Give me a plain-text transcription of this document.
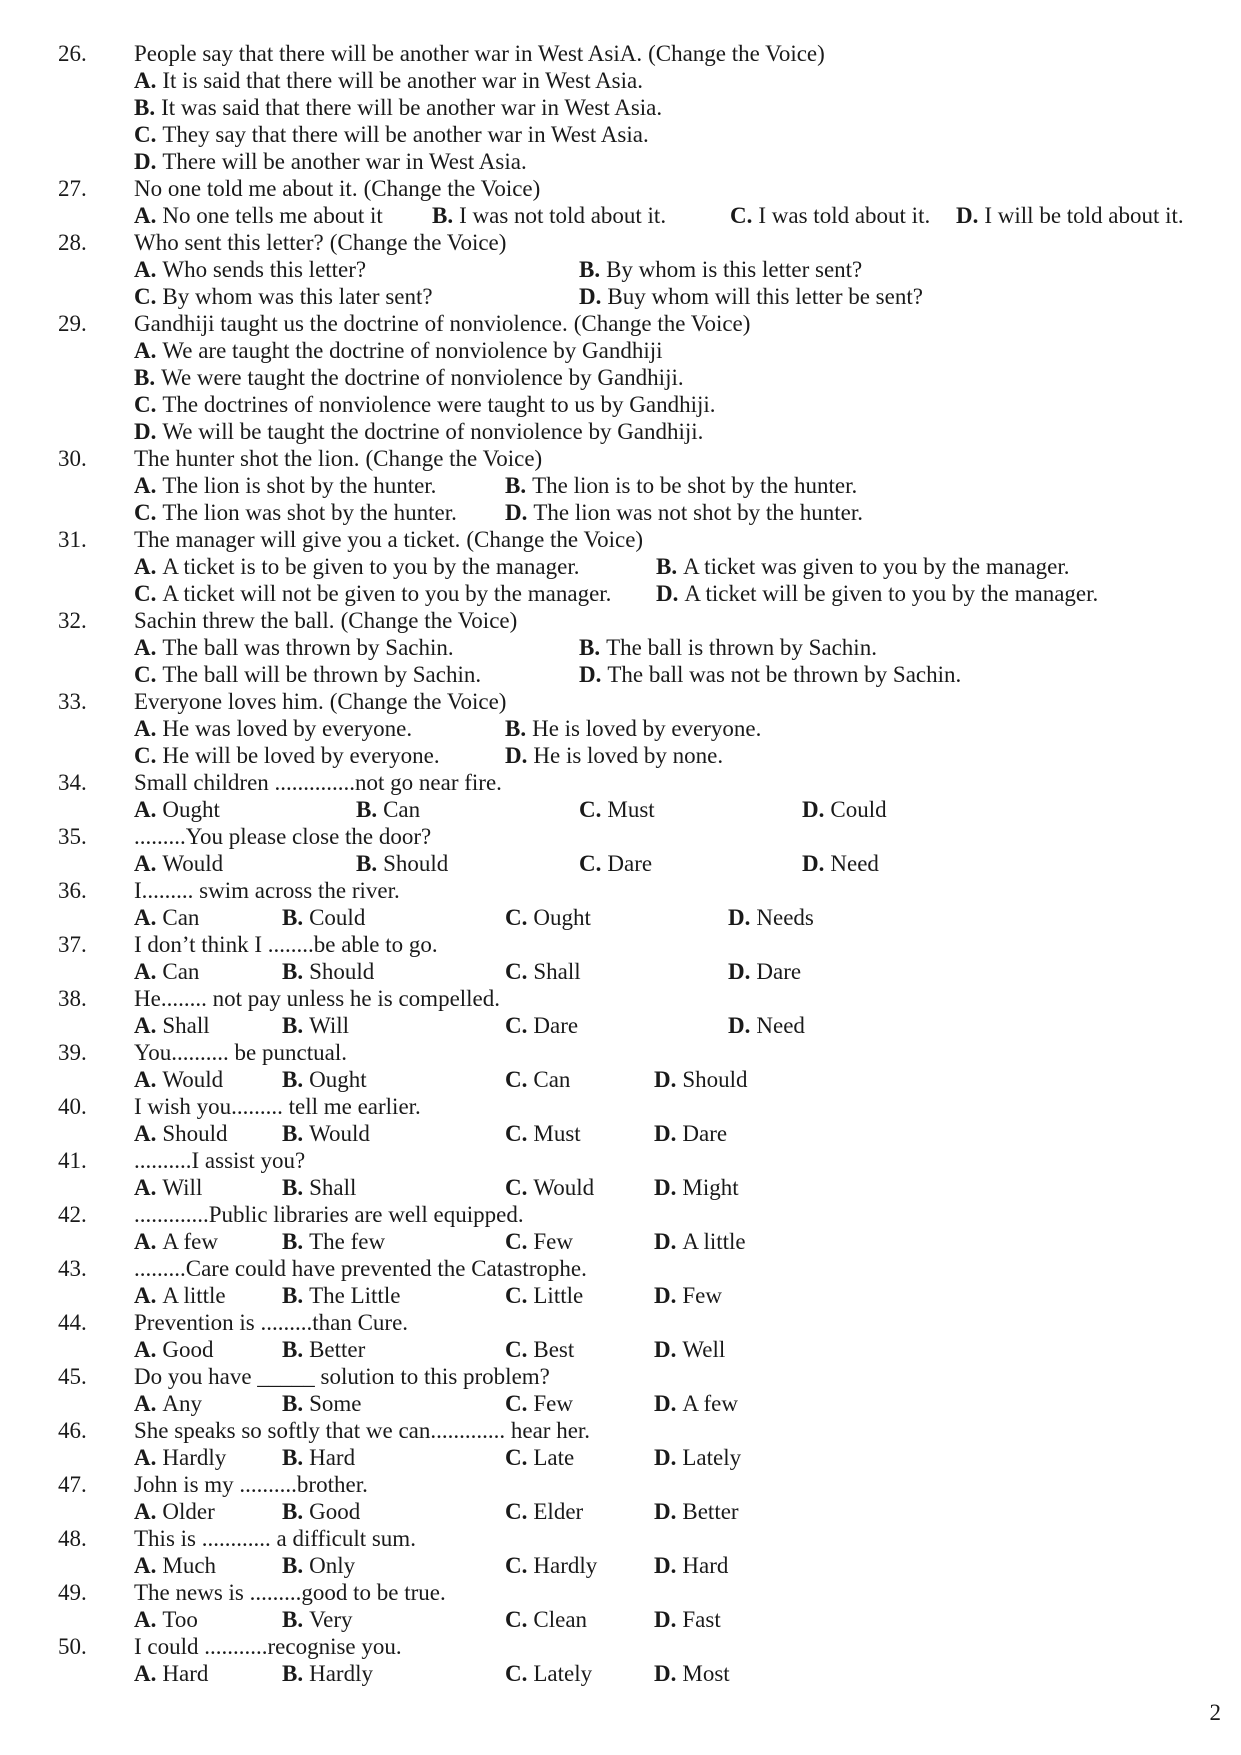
26. People say that there will be another war in West AsiA. (Change the Voice)
A. It is said that there will be another war in West Asia.
B. It was said that there will be another war in West Asia.
C. They say that there will be another war in West Asia.
D. There will be another war in West Asia.
27. No one told me about it. (Change the Voice)
A. No one tells me about it B. I was not told about it.	C. I was told about it. D. I will be told about it.
28. Who sent this letter? (Change the Voice)
A. Who sends this letter?	B. By whom is this letter sent?
C. By whom was this later sent?	D. Buy whom will this letter be sent?
29. Gandhiji taught us the doctrine of nonviolence. (Change the Voice)
A. We are taught the doctrine of nonviolence by Gandhiji
B. We were taught the doctrine of nonviolence by Gandhiji.
C. The doctrines of nonviolence were taught to us by Gandhiji.
D. We will be taught the doctrine of nonviolence by Gandhiji.
30. The hunter shot the lion. (Change the Voice)
A. The lion is shot by the hunter.	B. The lion is to be shot by the hunter.
C. The lion was shot by the hunter. D. The lion was not shot by the hunter.
31. The manager will give you a ticket. (Change the Voice)
A. A ticket is to be given to you by the manager.	B. A ticket was given to you by the manager.
C. A ticket will not be given to you by the manager. D. A ticket will be given to you by the manager.
32. Sachin threw the ball. (Change the Voice)
A. The ball was thrown by Sachin.	B. The ball is thrown by Sachin.
C. The ball will be thrown by Sachin.	D. The ball was not be thrown by Sachin.
33. Everyone loves him. (Change the Voice)
A. He was loved by everyone.	B. He is loved by everyone.
C. He will be loved by everyone.	D. He is loved by none.
34. Small children ..............not go near fire.
A. Ought	B. Can	C. Must	D. Could
35. .........You please close the door?
A. Would	B. Should	C. Dare	D. Need
36. I......... swim across the river.
A. Can	B. Could	C. Ought	D. Needs
37. I don’t think I ........be able to go.
A. Can	B. Should	C. Shall	D. Dare
38. He........ not pay unless he is compelled.
A. Shall	B. Will	C. Dare	D. Need
39. You.......... be punctual.
A. Would	B. Ought	C. Can	D. Should
40. I wish you......... tell me earlier.
A. Should B. Would	C. Must	D. Dare
41. ..........I assist you?
A. Will	B. Shall	C. Would	D. Might
42. .............Public libraries are well equipped.
A. A few	B. The few	C. Few	D. A little
43. .........Care could have prevented the Catastrophe.
A. A little B. The Little	C. Little	D. Few
44. Prevention is .........than Cure.
A. Good	B. Better	C. Best	D. Well
45. Do you have _____ solution to this problem?
A. Any	B. Some	C. Few	D. A few
46. She speaks so softly that we can............. hear her.
A. Hardly B. Hard	C. Late	D. Lately
47. John is my ..........brother.
A. Older	B. Good	C. Elder	D. Better
48. This is ............ a difficult sum.
A. Much	B. Only	C. Hardly D. Hard
49. The news is .........good to be true.
A. Too	B. Very	C. Clean	D. Fast
50. I could ...........recognise you.
A. Hard	B. Hardly	C. Lately	D. Most
2
